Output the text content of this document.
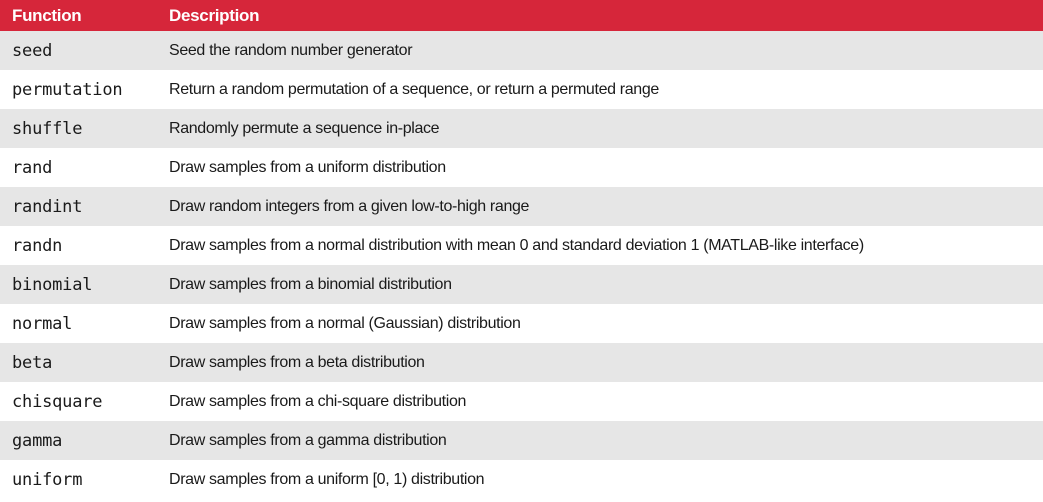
Function	Description
seed	Seed the random number generator
permutation	Return a random permutation of a sequence, or return a permuted range
shuffle	Randomly permute a sequence in-place
rand	Draw samples from a uniform distribution
randint	Draw random integers from a given low-to-high range
randn	Draw samples from a normal distribution with mean 0 and standard deviation 1 (MATLAB-like interface)
binomial	Draw samples from a binomial distribution
normal	Draw samples from a normal (Gaussian) distribution
beta	Draw samples from a beta distribution
chisquare	Draw samples from a chi-square distribution
gamma	Draw samples from a gamma distribution
uniform	Draw samples from a uniform [0, 1) distribution
